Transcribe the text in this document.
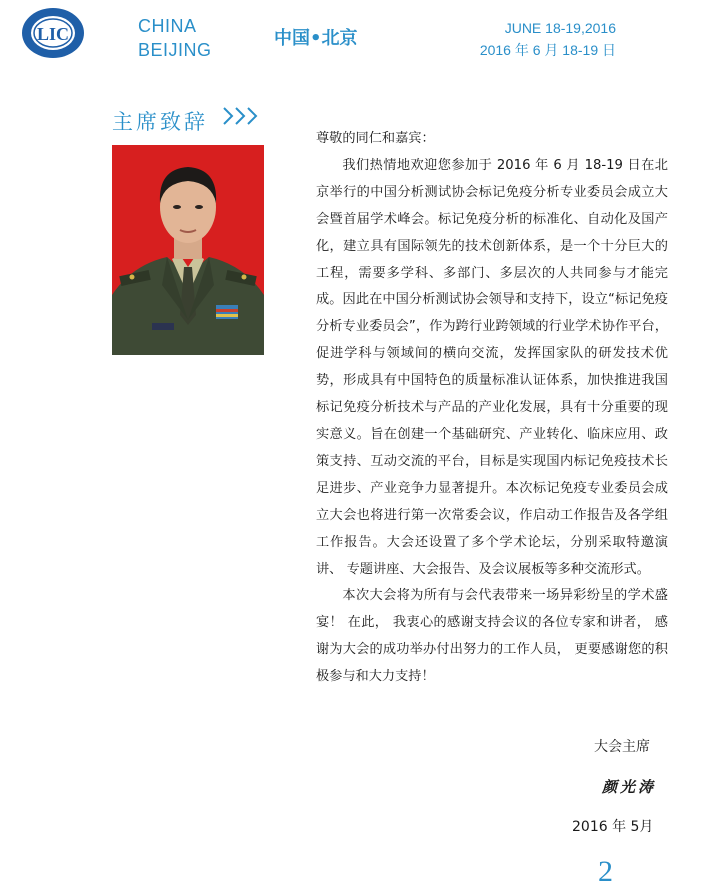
LIC	CHINA
BEIJING
中国•北京	JUNE 18-19,2016
2016 年 6 月 18-19 日
主席致辞

尊敬的同仁和嘉宾：

我们热情地欢迎您参加于 2016 年 6 月 18-19 日在北京举行的中国分析测试协会标记免疫分析专业委员会成立大会暨首届学术峰会。标记免疫分析的标准化、自动化及国产化，建立具有国际领先的技术创新体系，是一个十分巨大的工程，需要多学科、多部门、多层次的人共同参与才能完成。因此在中国分析测试协会领导和支持下，设立“标记免疫分析专业委员会”，作为跨行业跨领域的行业学术协作平台，促进学科与领域间的横向交流，发挥国家队的研发技术优势，形成具有中国特色的质量标准认证体系，加快推进我国标记免疫分析技术与产品的产业化发展，具有十分重要的现实意义。旨在创建一个基础研究、产业转化、临床应用、政策支持、互动交流的平台，目标是实现国内标记免疫技术长足进步、产业竞争力显著提升。本次标记免疫专业委员会成立大会也将进行第一次常委会议，作启动工作报告及各学组工作报告。大会还设置了多个学术论坛，分别采取特邀演讲、 专题讲座、大会报告、及会议展板等多种交流形式。

本次大会将为所有与会代表带来一场异彩纷呈的学术盛宴！ 在此， 我衷心的感谢支持会议的各位专家和讲者， 感谢为大会的成功举办付出努力的工作人员， 更要感谢您的积极参与和大力支持！

大会主席
颜光涛
2016 年 5月
2
